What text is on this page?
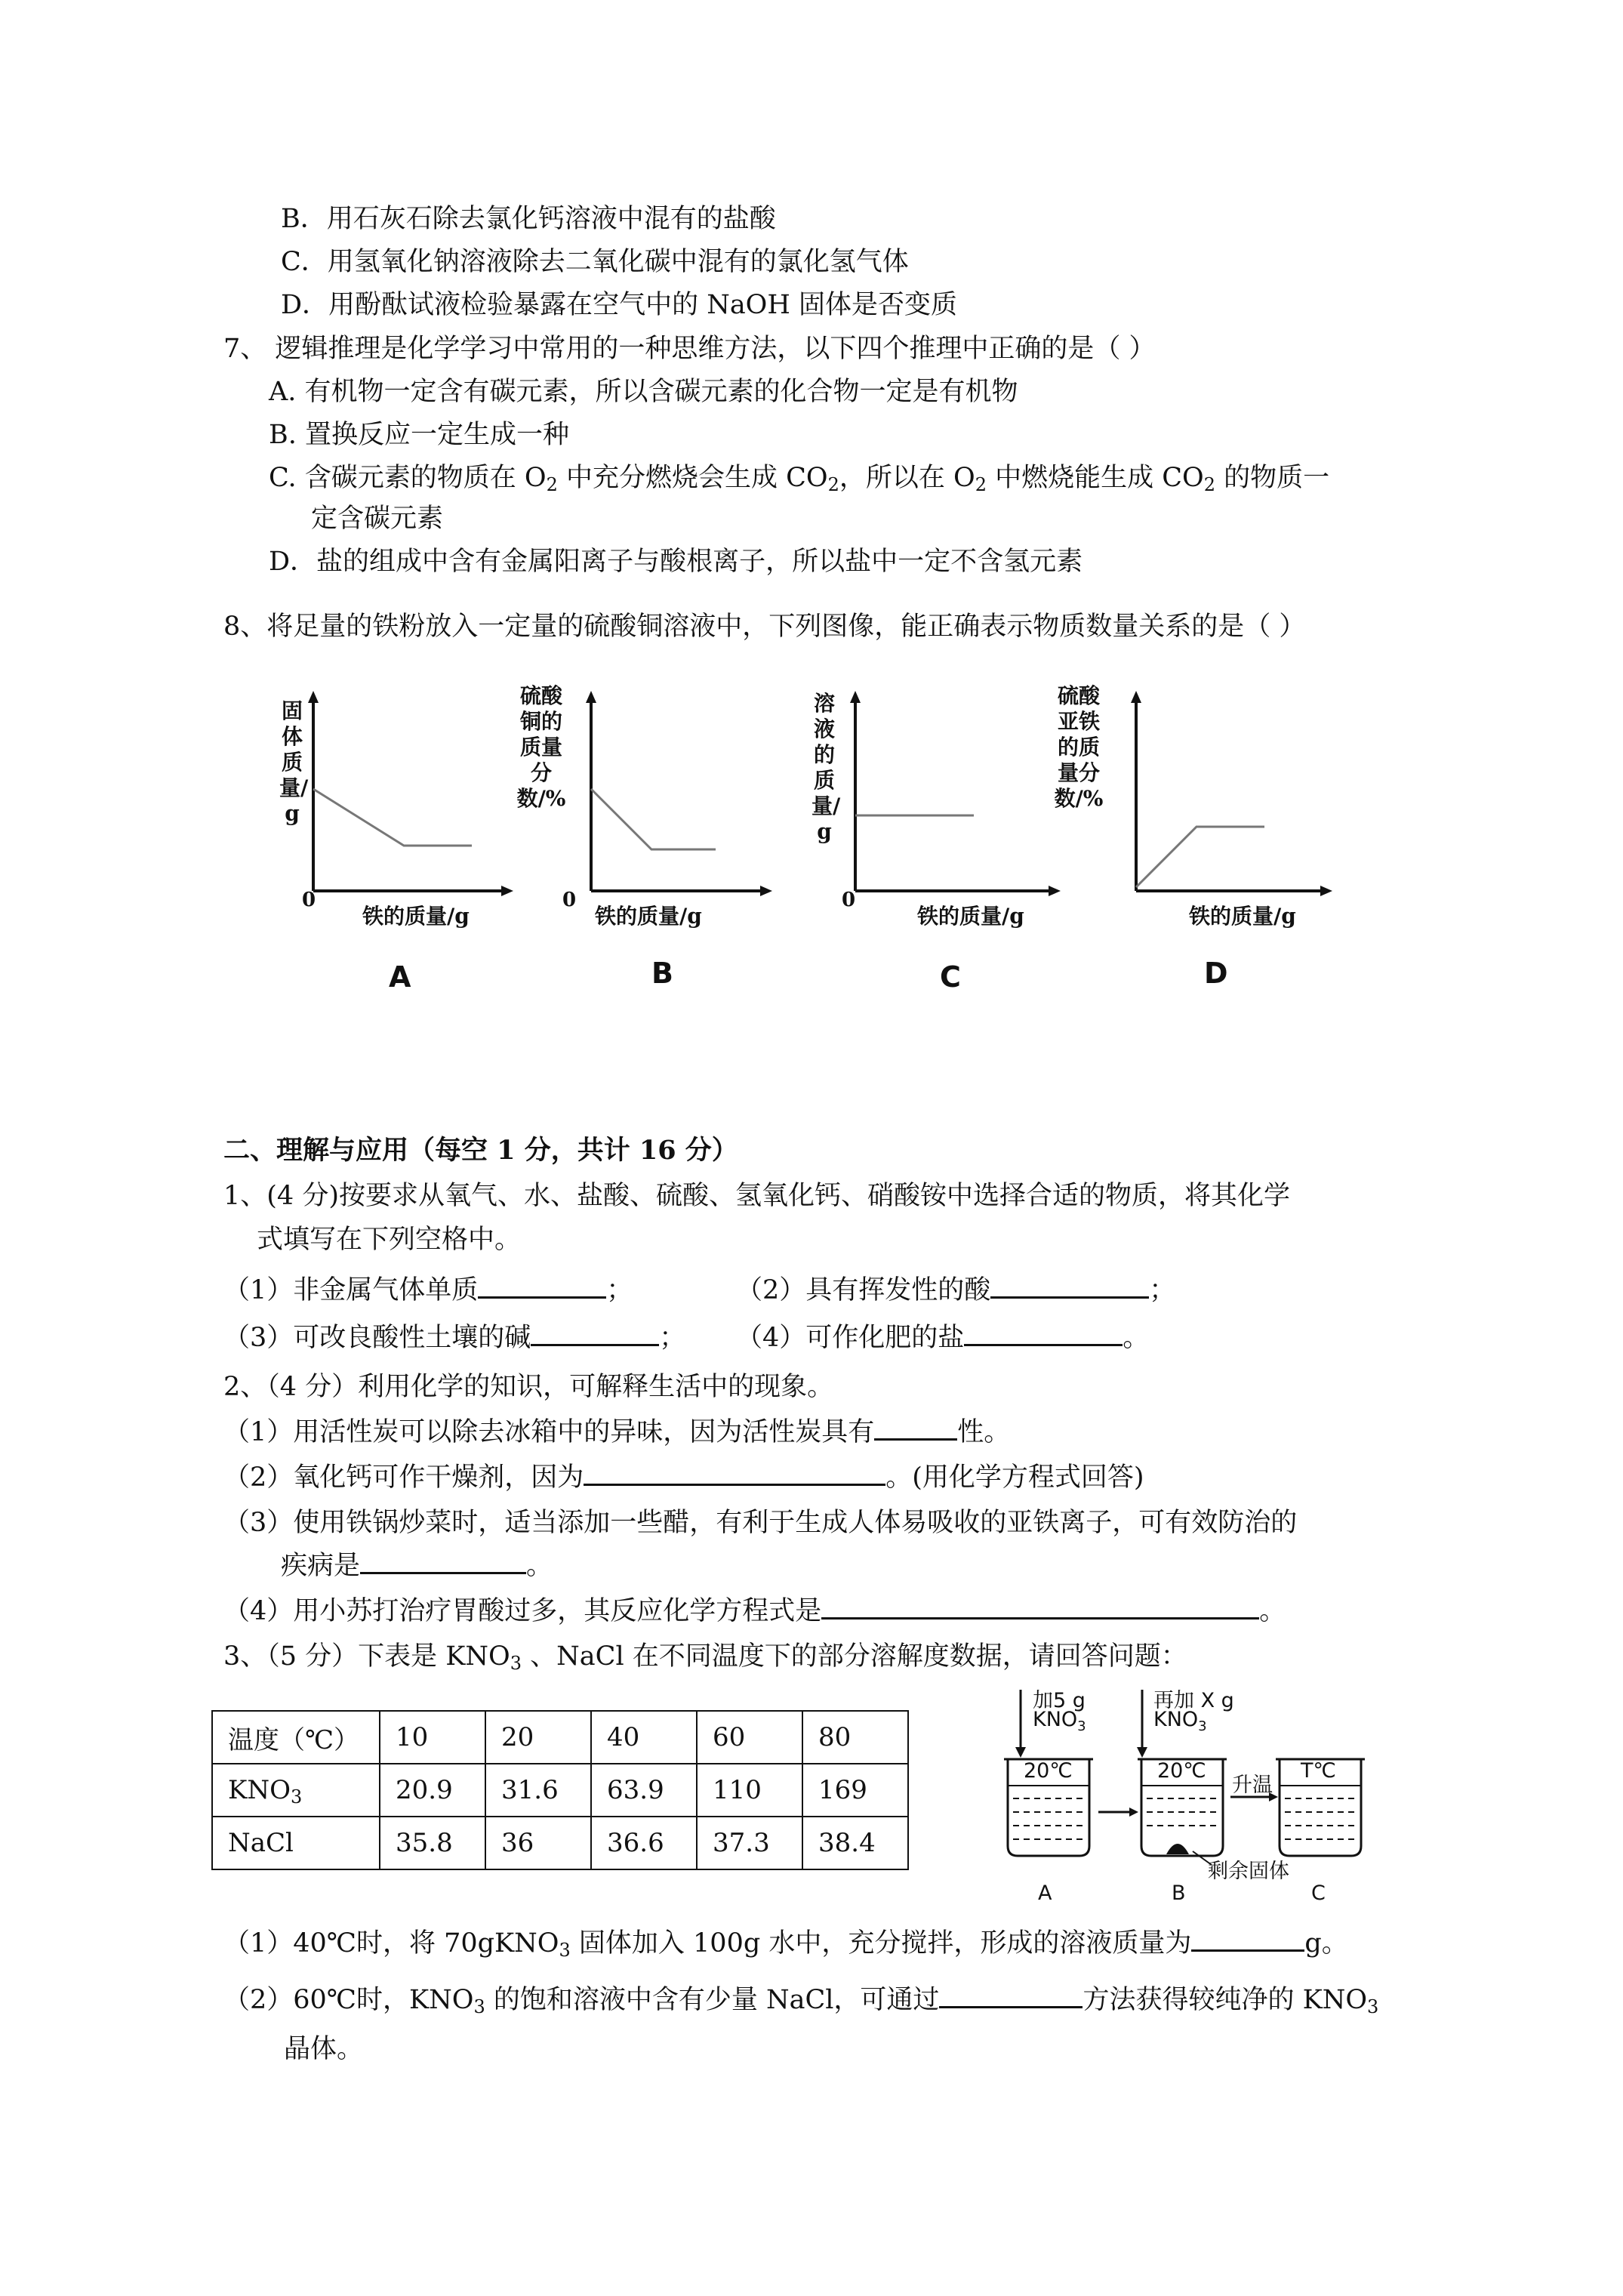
B．用石灰石除去氯化钙溶液中混有的盐酸
C．用氢氧化钠溶液除去二氧化碳中混有的氯化氢气体
D．用酚酞试液检验暴露在空气中的 NaOH 固体是否变质
7、 逻辑推理是化学学习中常用的一种思维方法，以下四个推理中正确的是（ ）
A. 有机物一定含有碳元素，所以含碳元素的化合物一定是有机物
B. 置换反应一定生成一种
C. 含碳元素的物质在 $O_2$ 中充分燃烧会生成 $CO_2$，所以在 $O_2$ 中燃烧能生成 $CO_2$ 的物质一
定含碳元素
D．盐的组成中含有金属阳离子与酸根离子，所以盐中一定不含氢元素
8、将足量的铁粉放入一定量的硫酸铜溶液中，下列图像，能正确表示物质数量关系的是（ ）
固体质量/g
0
铁的质量/g
A
硫酸铜的质量分数/%
0
铁的质量/g
B
溶液的质量/g
0
铁的质量/g
C
硫酸亚铁的质量分数/%
铁的质量/g
D
二、理解与应用（每空 1 分，共计 16 分）
1、(4 分)按要求从氧气、水、盐酸、硫酸、氢氧化钙、硝酸铵中选择合适的物质，将其化学
式填写在下列空格中。
（1）非金属气体单质	；	（2）具有挥发性的酸	；
（3）可改良酸性土壤的碱	； （4）可作化肥的盐	。
2、（4 分）利用化学的知识，可解释生活中的现象。
（1）用活性炭可以除去冰箱中的异味，因为活性炭具有	性。
（2）氧化钙可作干燥剂，因为	。(用化学方程式回答)
（3）使用铁锅炒菜时，适当添加一些醋，有利于生成人体易吸收的亚铁离子，可有效防治的
疾病是	。
（4）用小苏打治疗胃酸过多，其反应化学方程式是	。
3、（5 分）下表是 $KNO_3$ 、NaCl 在不同温度下的部分溶解度数据，请回答问题：
温度（℃）	10	20	40	60	80
$KNO_3$	20.9	31.6	63.9	110	169
NaCl	35.8	36	36.6	37.3	38.4
加5 g
$KNO_3$
再加 X g
$KNO_3$
20℃	20℃	T℃
升温
剩余固体
A	B	C
（1）40℃时，将 70gKNO$_3$ 固体加入 100g 水中，充分搅拌，形成的溶液质量为	g。
（2）60℃时，$KNO_3$ 的饱和溶液中含有少量 NaCl，可通过	方法获得较纯净的 $KNO_3$
晶体。
